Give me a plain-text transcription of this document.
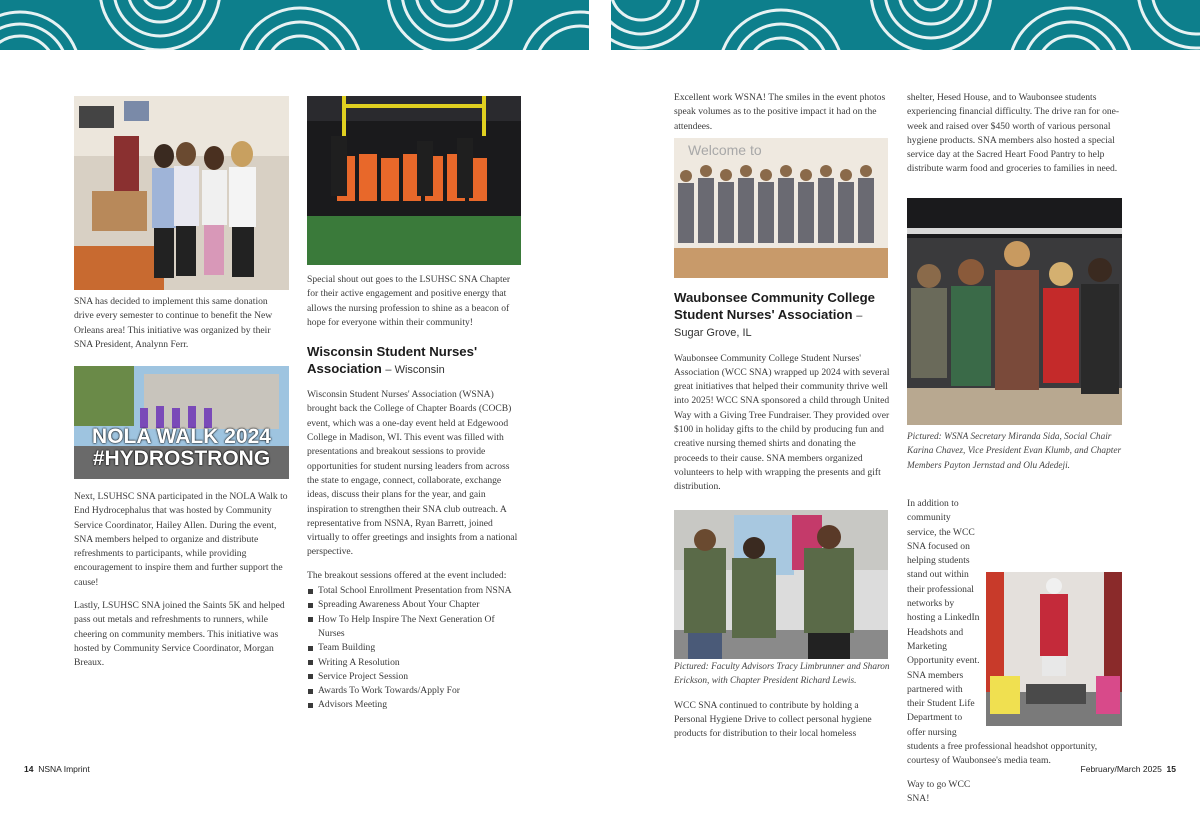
SNA has decided to implement this same donation drive every semester to continue to benefit the New Orleans area! This initiative was organized by their SNA President, Analynn Ferr.

NOLA WALK 2024
#HYDROSTRONG

Next, LSUHSC SNA participated in the NOLA Walk to End Hydrocephalus that was hosted by Community Service Coordinator, Hailey Allen. During the event, SNA members helped to organize and distribute refreshments to participants, while providing encouragement to inspire them and further support the cause!

Lastly, LSUHSC SNA joined the Saints 5K and helped pass out metals and refreshments to runners, while cheering on community members. This initiative was hosted by Community Service Coordinator, Morgan Breaux.

Special shout out goes to the LSUHSC SNA Chapter for their active engagement and positive energy that allows the nursing profession to shine as a beacon of hope for everyone within their community!

Wisconsin Student Nurses' Association – Wisconsin

Wisconsin Student Nurses' Association (WSNA) brought back the College of Chapter Boards (COCB) event, which was a one-day event held at Edgewood College in Madison, WI. This event was filled with presentations and breakout sessions to provide opportunities for student nursing leaders from across the state to engage, connect, collaborate, exchange ideas, discuss their plans for the year, and gain inspiration to strengthen their SNA club outreach. A representative from NSNA, Ryan Barrett, joined virtually to offer greetings and insights from a national perspective.

The breakout sessions offered at the event included:

Total School Enrollment Presentation from NSNA
Spreading Awareness About Your Chapter
How To Help Inspire The Next Generation Of Nurses
Team Building
Writing A Resolution
Service Project Session
Awards To Work Towards/Apply For
Advisors Meeting

Excellent work WSNA! The smiles in the event photos speak volumes as to the positive impact it had on the attendees.

Welcome to
Waubonsee Community College Student Nurses' Association – Sugar Grove, IL

Waubonsee Community College Student Nurses' Association (WCC SNA) wrapped up 2024 with several great initiatives that helped their community thrive well into 2025! WCC SNA sponsored a child through United Way with a Giving Tree Fundraiser. They provided over $100 in holiday gifts to the child by producing fun and creative nursing themed shirts and donating the proceeds to their cause. SNA members organized volunteers to help with wrapping the presents and gift distribution.

Pictured: Faculty Advisors Tracy Limbrunner and Sharon Erickson, with Chapter President Richard Lewis.

WCC SNA continued to contribute by holding a Personal Hygiene Drive to collect personal hygiene products for distribution to their local homeless

shelter, Hesed House, and to Waubonsee students experiencing financial difficulty. The drive ran for one-week and raised over $450 worth of various personal hygiene products. SNA members also hosted a special service day at the Sacred Heart Food Pantry to help distribute warm food and groceries to families in need.

Pictured: WSNA Secretary Miranda Sida, Social Chair Karina Chavez, Vice President Evan Klumb, and Chapter Members Payton Jernstad and Olu Adedeji.

In addition to community service, the WCC SNA focused on helping students stand out within their professional networks by hosting a LinkedIn Headshots and Marketing Opportunity event. SNA members partnered with their Student Life Department to offer nursing students a free professional headshot opportunity, courtesy of Waubonsee's media team.

Way to go WCC SNA!

14 NSNA Imprint	February/March 2025 15
